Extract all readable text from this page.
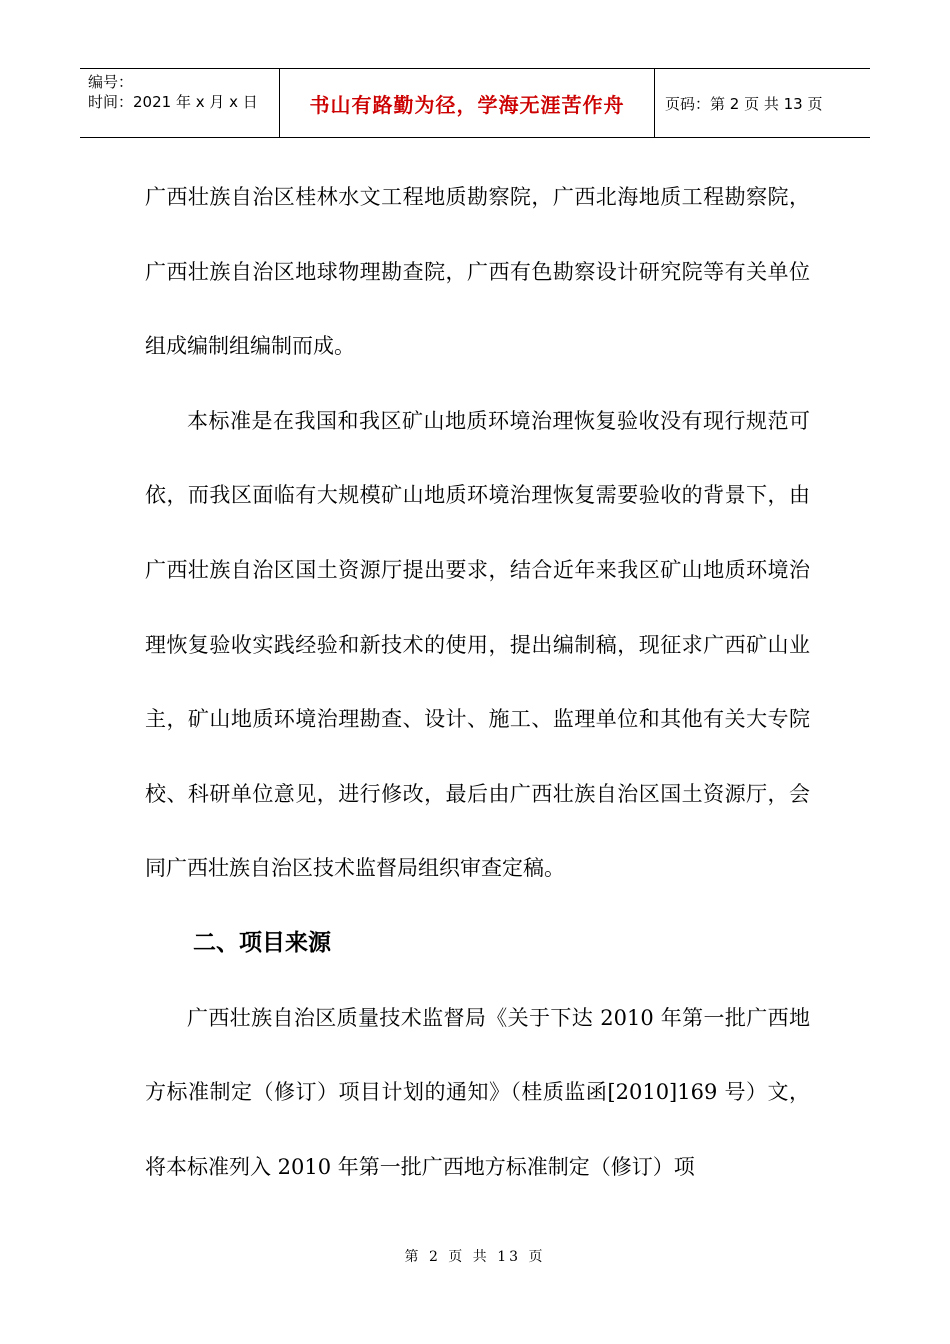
编号：
时间：2021 年 x 月 x 日	书山有路勤为径，学海无涯苦作舟	页码：第 2 页 共 13 页

广西壮族自治区桂林水文工程地质勘察院，广西北海地质工程勘察院，广西壮族自治区地球物理勘查院，广西有色勘察设计研究院等有关单位组成编制组编制而成。

本标准是在我国和我区矿山地质环境治理恢复验收没有现行规范可依，而我区面临有大规模矿山地质环境治理恢复需要验收的背景下，由广西壮族自治区国土资源厅提出要求，结合近年来我区矿山地质环境治理恢复验收实践经验和新技术的使用，提出编制稿，现征求广西矿山业主，矿山地质环境治理勘查、设计、施工、监理单位和其他有关大专院校、科研单位意见，进行修改，最后由广西壮族自治区国土资源厅，会同广西壮族自治区技术监督局组织审查定稿。

二、项目来源

广西壮族自治区质量技术监督局《关于下达 2010 年第一批广西地方标准制定（修订）项目计划的通知》（桂质监函[2010]169 号）文，将本标准列入 2010 年第一批广西地方标准制定（修订）项

第 2 页 共 13 页
